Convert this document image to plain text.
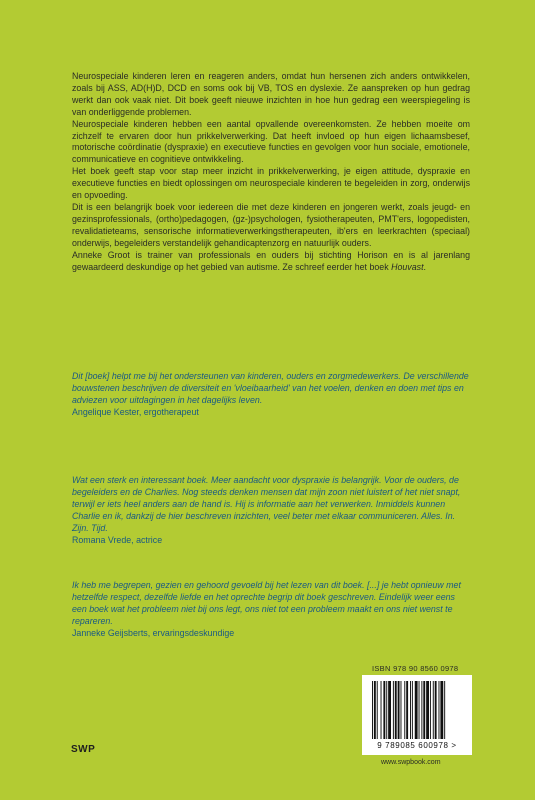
Neurospeciale kinderen leren en reageren anders, omdat hun hersenen zich anders ontwikkelen, zoals bij ASS, AD(H)D, DCD en soms ook bij VB, TOS en dyslexie. Ze aanspreken op hun gedrag werkt dan ook vaak niet. Dit boek geeft nieuwe inzichten in hoe hun gedrag een weerspiegeling is van onderliggende problemen.

Neurospeciale kinderen hebben een aantal opvallende overeenkomsten. Ze hebben moeite om zichzelf te ervaren door hun prikkelverwerking. Dat heeft invloed op hun eigen lichaamsbesef, motorische coördinatie (dyspraxie) en executieve functies en gevolgen voor hun sociale, emotionele, communicatieve en cognitieve ontwikkeling.

Het boek geeft stap voor stap meer inzicht in prikkelverwerking, je eigen attitude, dyspraxie en executieve functies en biedt oplossingen om neurospeciale kinderen te begeleiden in zorg, onderwijs en opvoeding.

Dit is een belangrijk boek voor iedereen die met deze kinderen en jongeren werkt, zoals jeugd- en gezinsprofessionals, (ortho)pedagogen, (gz-)psychologen, fysiotherapeuten, PMT'ers, logopedisten, revalidatieteams, sensorische informatieverwerkingstherapeuten, ib'ers en leerkrachten (speciaal) onderwijs, begeleiders verstandelijk gehandicaptenzorg en natuurlijk ouders.

Anneke Groot is trainer van professionals en ouders bij stichting Horison en is al jarenlang gewaardeerd deskundige op het gebied van autisme. Ze schreef eerder het boek Houvast.

Dit [boek] helpt me bij het ondersteunen van kinderen, ouders en zorgmedewerkers. De verschillende bouwstenen beschrijven de diversiteit en 'vloeibaarheid' van het voelen, denken en doen met tips en adviezen voor uitdagingen in het dagelijks leven.

Angelique Kester, ergotherapeut

Wat een sterk en interessant boek. Meer aandacht voor dyspraxie is belangrijk. Voor de ouders, de begeleiders en de Charlies. Nog steeds denken mensen dat mijn zoon niet luistert of het niet snapt, terwijl er iets heel anders aan de hand is. Hij is informatie aan het verwerken. Inmiddels kunnen Charlie en ik, dankzij de hier beschreven inzichten, veel beter met elkaar communiceren. Alles. In. Zijn. Tijd.

Romana Vrede, actrice

Ik heb me begrepen, gezien en gehoord gevoeld bij het lezen van dit boek. [...] je hebt opnieuw met hetzelfde respect, dezelfde liefde en het oprechte begrip dit boek geschreven. Eindelijk weer eens een boek wat het probleem niet bij ons legt, ons niet tot een probleem maakt en ons niet wenst te repareren.

Janneke Geijsberts, ervaringsdeskundige

ISBN 978 90 8560 0978
9 789085 600978 >
SWP
www.swpbook.com
